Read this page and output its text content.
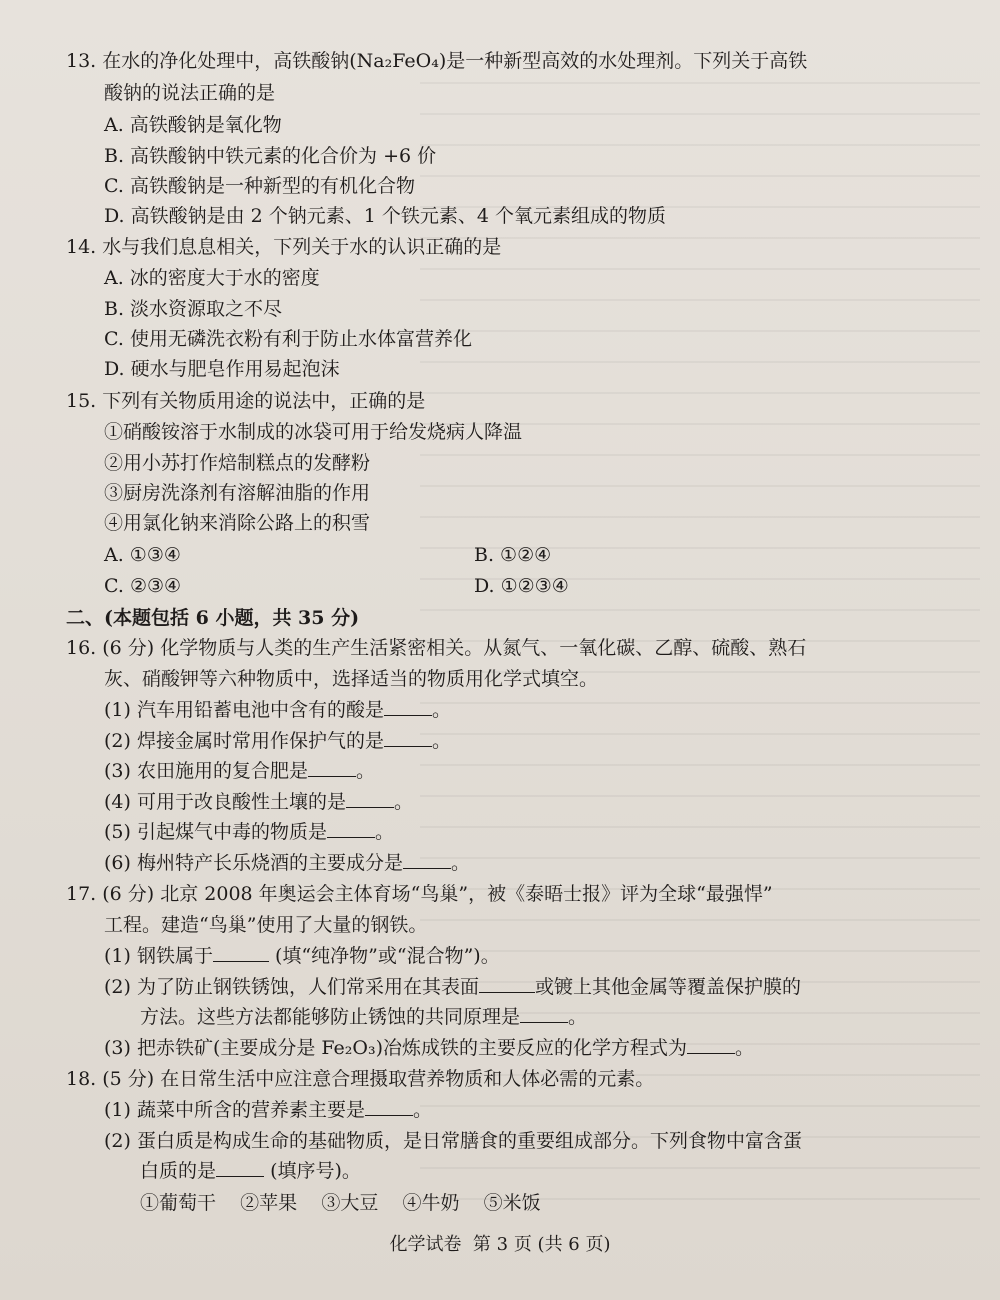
13. 在水的净化处理中，高铁酸钠(Na₂FeO₄)是一种新型高效的水处理剂。下列关于高铁
酸钠的说法正确的是
A. 高铁酸钠是氧化物
B. 高铁酸钠中铁元素的化合价为 +6 价
C. 高铁酸钠是一种新型的有机化合物
D. 高铁酸钠是由 2 个钠元素、1 个铁元素、4 个氧元素组成的物质
14. 水与我们息息相关，下列关于水的认识正确的是
A. 冰的密度大于水的密度
B. 淡水资源取之不尽
C. 使用无磷洗衣粉有利于防止水体富营养化
D. 硬水与肥皂作用易起泡沫
15. 下列有关物质用途的说法中，正确的是
①硝酸铵溶于水制成的冰袋可用于给发烧病人降温
②用小苏打作焙制糕点的发酵粉
③厨房洗涤剂有溶解油脂的作用
④用氯化钠来消除公路上的积雪
A. ①③④	B. ①②④
C. ②③④	D. ①②③④
二、(本题包括 6 小题，共 35 分)
16. (6 分) 化学物质与人类的生产生活紧密相关。从氮气、一氧化碳、乙醇、硫酸、熟石
灰、硝酸钾等六种物质中，选择适当的物质用化学式填空。
(1) 汽车用铅蓄电池中含有的酸是	。
(2) 焊接金属时常用作保护气的是	。
(3) 农田施用的复合肥是	。
(4) 可用于改良酸性土壤的是	。
(5) 引起煤气中毒的物质是	。
(6) 梅州特产长乐烧酒的主要成分是	。
17. (6 分) 北京 2008 年奥运会主体育场“鸟巢”，被《泰晤士报》评为全球“最强悍”
工程。建造“鸟巢”使用了大量的钢铁。
(1) 钢铁属于	(填“纯净物”或“混合物”)。
(2) 为了防止钢铁锈蚀，人们常采用在其表面	或镀上其他金属等覆盖保护膜的
方法。这些方法都能够防止锈蚀的共同原理是	。
(3) 把赤铁矿(主要成分是 Fe₂O₃)冶炼成铁的主要反应的化学方程式为	。
18. (5 分) 在日常生活中应注意合理摄取营养物质和人体必需的元素。
(1) 蔬菜中所含的营养素主要是	。
(2) 蛋白质是构成生命的基础物质，是日常膳食的重要组成部分。下列食物中富含蛋
白质的是	(填序号)。
①葡萄干    ②苹果    ③大豆    ④牛奶    ⑤米饭
化学试卷  第 3 页 (共 6 页)
